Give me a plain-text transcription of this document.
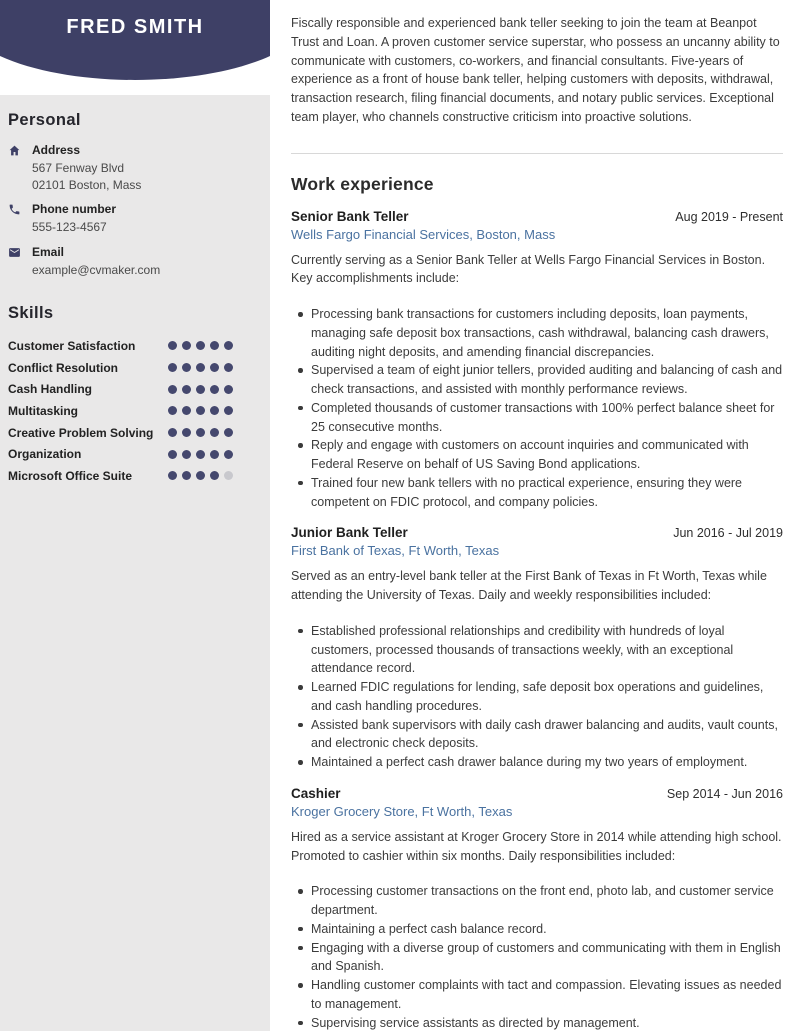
FRED SMITH
Personal
Address
567 Fenway Blvd
02101 Boston, Mass
Phone number
555-123-4567
Email
example@cvmaker.com
Skills
Customer Satisfaction
Conflict Resolution
Cash Handling
Multitasking
Creative Problem Solving
Organization
Microsoft Office Suite

Fiscally responsible and experienced bank teller seeking to join the team at Beanpot Trust and Loan. A proven customer service superstar, who possess an uncanny ability to communicate with customers, co-workers, and financial consultants. Five-years of experience as a front of house bank teller, helping customers with deposits, withdrawal, transaction research, filing financial documents, and notary public services. Exceptional team player, who channels constructive criticism into proactive solutions.

Work experience
Senior Bank Teller	Aug 2019 - Present
Wells Fargo Financial Services, Boston, Mass

Currently serving as a Senior Bank Teller at Wells Fargo Financial Services in Boston. Key accomplishments include:

Processing bank transactions for customers including deposits, loan payments, managing safe deposit box transactions, cash withdrawal, balancing cash drawers, auditing night deposits, and amending financial discrepancies.
Supervised a team of eight junior tellers, provided auditing and balancing of cash and check transactions, and assisted with monthly performance reviews.
Completed thousands of customer transactions with 100% perfect balance sheet for 25 consecutive months.
Reply and engage with customers on account inquiries and communicated with Federal Reserve on behalf of US Saving Bond applications.
Trained four new bank tellers with no practical experience, ensuring they were competent on FDIC protocol, and company policies.
Junior Bank Teller	Jun 2016 - Jul 2019
First Bank of Texas, Ft Worth, Texas

Served as an entry-level bank teller at the First Bank of Texas in Ft Worth, Texas while attending the University of Texas. Daily and weekly responsibilities included:

Established professional relationships and credibility with hundreds of loyal customers, processed thousands of transactions weekly, with an exceptional attendance record.
Learned FDIC regulations for lending, safe deposit box operations and guidelines, and cash handling procedures.
Assisted bank supervisors with daily cash drawer balancing and audits, vault counts, and electronic check deposits.
Maintained a perfect cash drawer balance during my two years of employment.
Cashier	Sep 2014 - Jun 2016
Kroger Grocery Store, Ft Worth, Texas

Hired as a service assistant at Kroger Grocery Store in 2014 while attending high school. Promoted to cashier within six months. Daily responsibilities included:

Processing customer transactions on the front end, photo lab, and customer service department.
Maintaining a perfect cash balance record.
Engaging with a diverse group of customers and communicating with them in English and Spanish.
Handling customer complaints with tact and compassion. Elevating issues as needed to management.
Supervising service assistants as directed by management.
